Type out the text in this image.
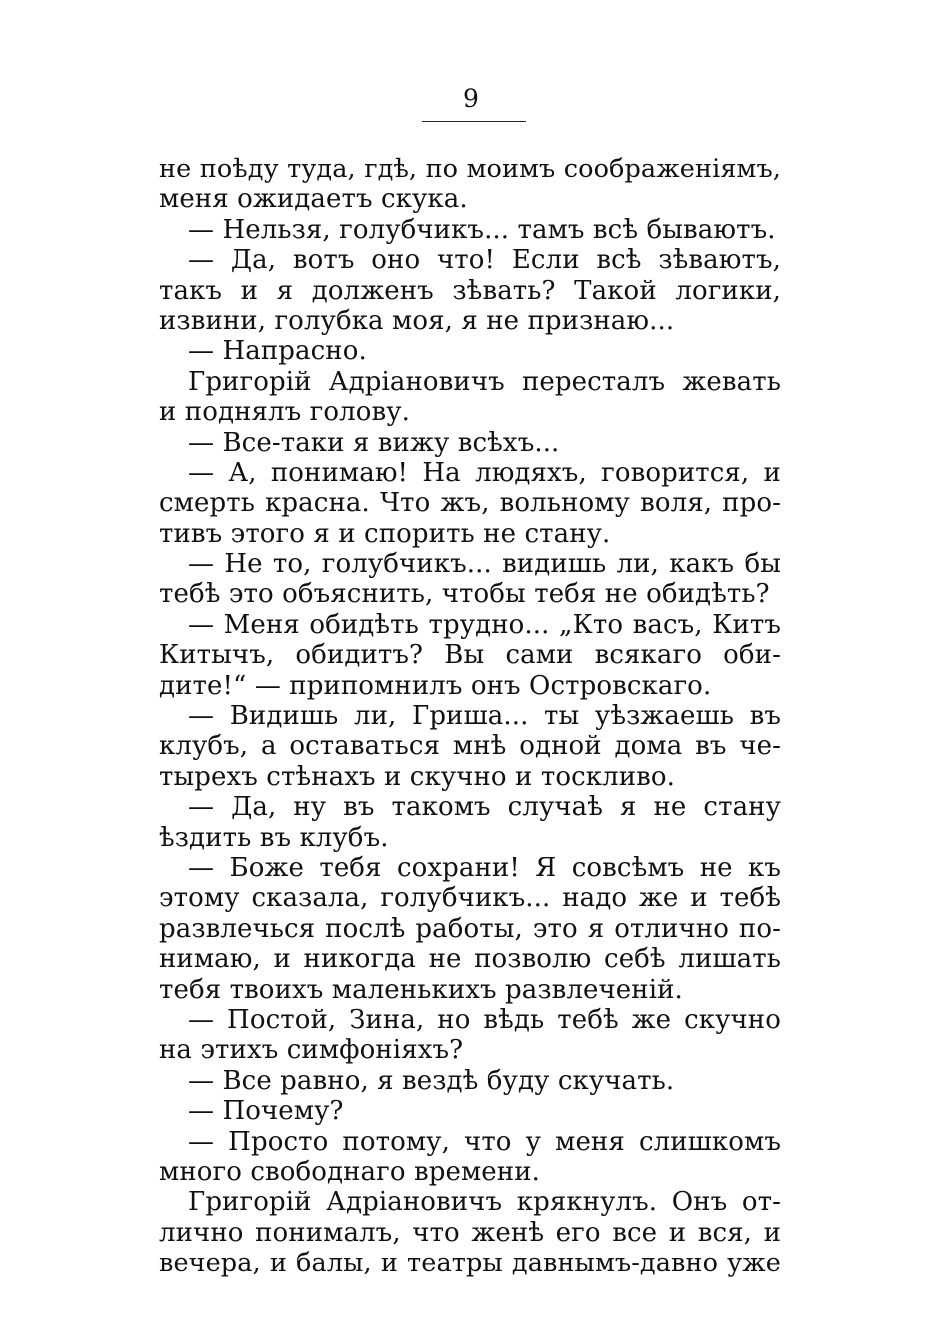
9
не поѣду туда, гдѣ, по моимъ соображеніямъ,
меня ожидаетъ скука.
— Нельзя, голубчикъ... тамъ всѣ бываютъ.
— Да, вотъ оно что! Если всѣ зѣваютъ,
такъ и я долженъ зѣвать? Такой логики,
извини, голубка моя, я не признаю...
— Напрасно.
Григорій Адріановичъ пересталъ жевать
и поднялъ голову.
— Все-таки я вижу всѣхъ...
— А, понимаю! На людяхъ, говорится, и
смерть красна. Что жъ, вольному воля, про-
тивъ этого я и спорить не стану.
— Не то, голубчикъ... видишь ли, какъ бы
тебѣ это объяснить, чтобы тебя не обидѣть?
— Меня обидѣть трудно... „Кто васъ, Китъ
Китычъ, обидитъ? Вы сами всякаго оби-
дите!“ — припомнилъ онъ Островскаго.
— Видишь ли, Гриша... ты уѣзжаешь въ
клубъ, а оставаться мнѣ одной дома въ че-
тырехъ стѣнахъ и скучно и тоскливо.
— Да, ну въ такомъ случаѣ я не стану
ѣздить въ клубъ.
— Боже тебя сохрани! Я совсѣмъ не къ
этому сказала, голубчикъ... надо же и тебѣ
развлечься послѣ работы, это я отлично по-
нимаю, и никогда не позволю себѣ лишать
тебя твоихъ маленькихъ развлеченій.
— Постой, Зина, но вѣдь тебѣ же скучно
на этихъ симфоніяхъ?
— Все равно, я вездѣ буду скучать.
— Почему?
— Просто потому, что у меня слишкомъ
много свободнаго времени.
Григорій Адріановичъ крякнулъ. Онъ от-
лично понималъ, что женѣ его все и вся, и
вечера, и балы, и театры давнымъ-давно уже
